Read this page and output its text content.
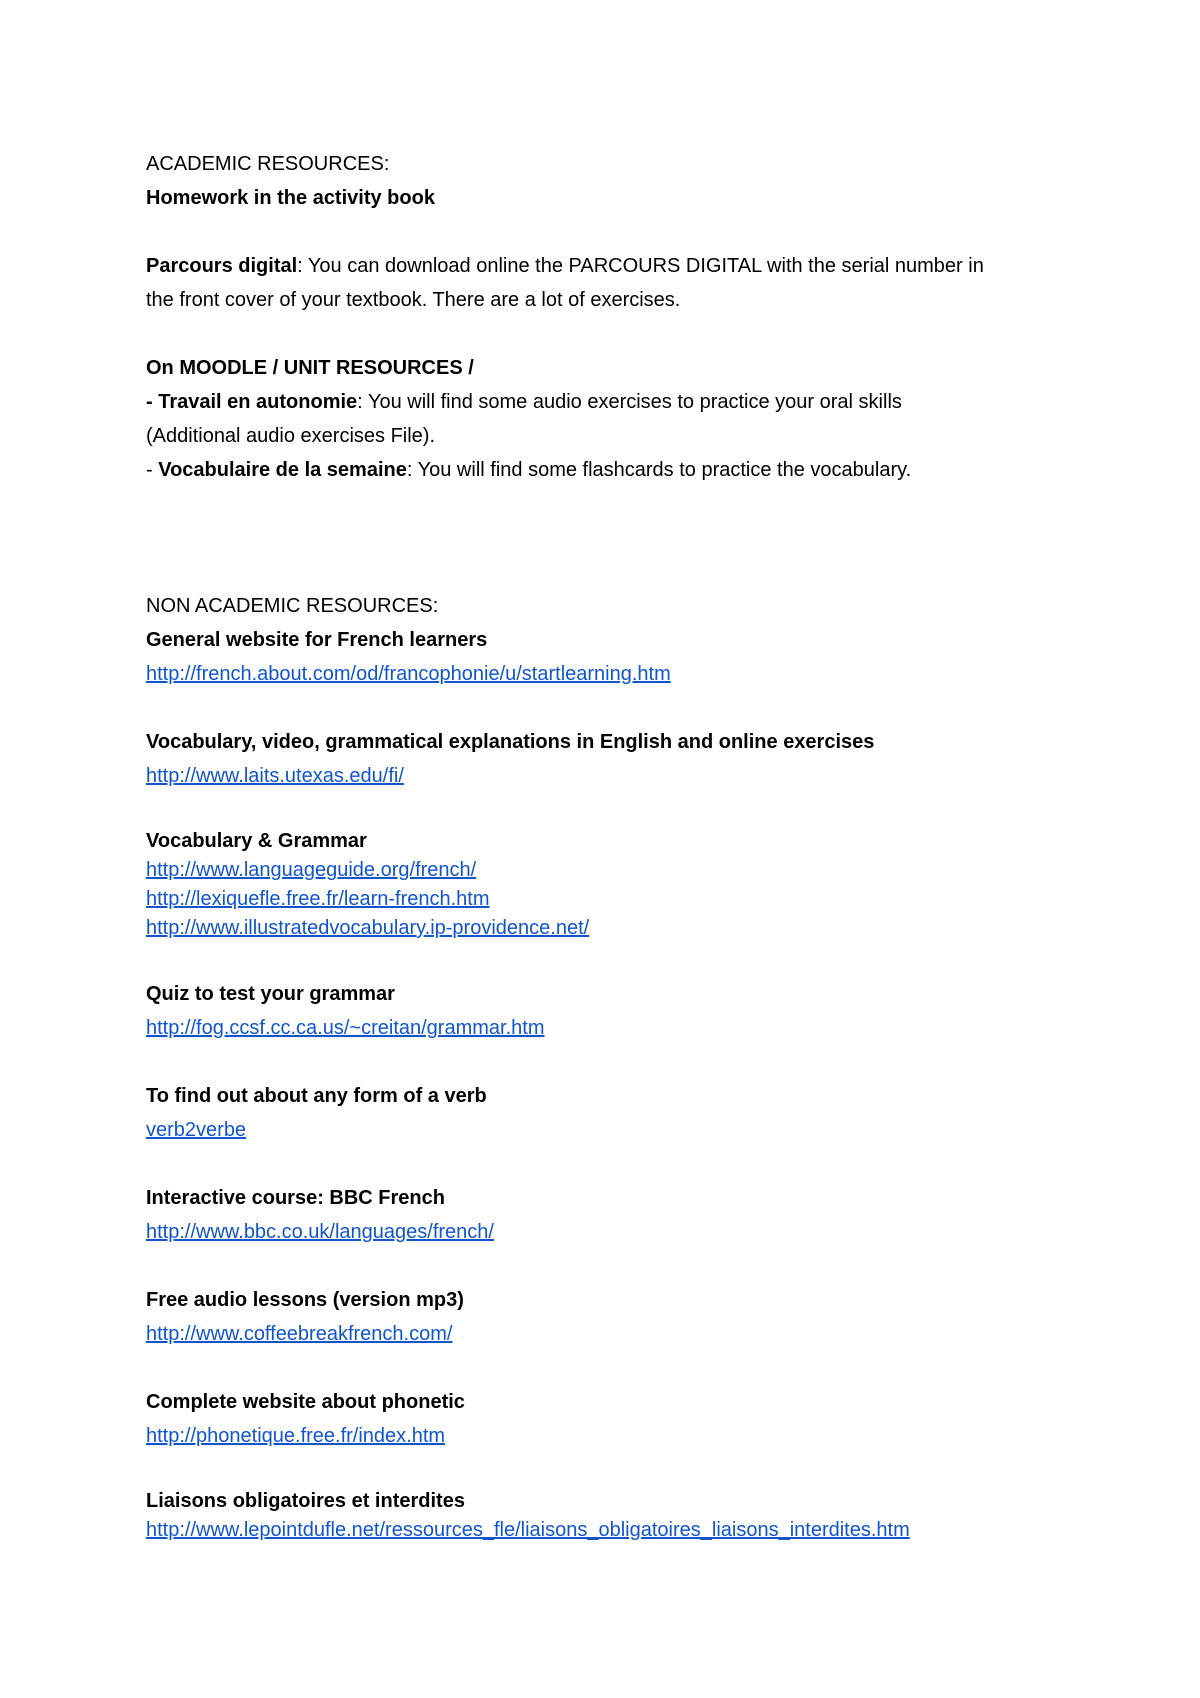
ACADEMIC RESOURCES:
Homework in the activity book
Parcours digital: You can download online the PARCOURS DIGITAL with the serial number in
the front cover of your textbook. There are a lot of exercises.
On MOODLE / UNIT RESOURCES /
- Travail en autonomie: You will find some audio exercises to practice your oral skills
(Additional audio exercises File).
- Vocabulaire de la semaine: You will find some flashcards to practice the vocabulary.
NON ACADEMIC RESOURCES:
General website for French learners
http://french.about.com/od/francophonie/u/startlearning.htm
Vocabulary, video, grammatical explanations in English and online exercises
http://www.laits.utexas.edu/fi/
Vocabulary & Grammar
http://www.languageguide.org/french/
http://lexiquefle.free.fr/learn-french.htm
http://www.illustratedvocabulary.ip-providence.net/
Quiz to test your grammar
http://fog.ccsf.cc.ca.us/~creitan/grammar.htm
To find out about any form of a verb
verb2verbe
Interactive course: BBC French
http://www.bbc.co.uk/languages/french/
Free audio lessons (version mp3)
http://www.coffeebreakfrench.com/
Complete website about phonetic
http://phonetique.free.fr/index.htm
Liaisons obligatoires et interdites
http://www.lepointdufle.net/ressources_fle/liaisons_obligatoires_liaisons_interdites.htm
